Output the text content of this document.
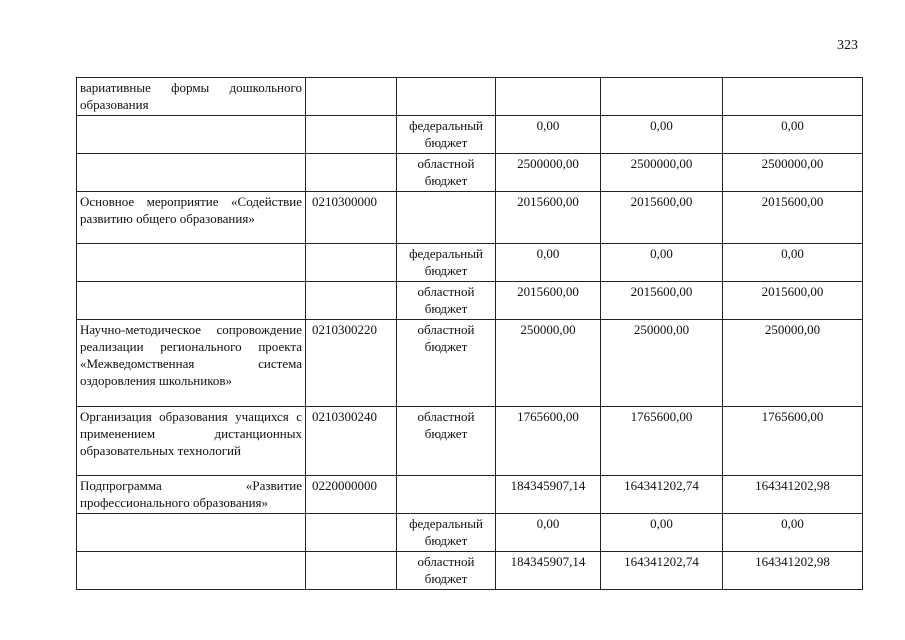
323
вариативные формы дошкольного образования					
		федеральный бюджет	0,00	0,00	0,00
		областной бюджет	2500000,00	2500000,00	2500000,00
Основное мероприятие «Содействие развитию общего образования»	0210300000		2015600,00	2015600,00	2015600,00
		федеральный бюджет	0,00	0,00	0,00
		областной бюджет	2015600,00	2015600,00	2015600,00
Научно-методическое сопровождение реализации регионального проекта «Межведомственная система оздоровления школьников»	0210300220	областной бюджет	250000,00	250000,00	250000,00
Организация образования учащихся с применением дистанционных образовательных технологий	0210300240	областной бюджет	1765600,00	1765600,00	1765600,00
Подпрограмма «Развитие профессионального образования»	0220000000		184345907,14	164341202,74	164341202,98
		федеральный бюджет	0,00	0,00	0,00
		областной бюджет	184345907,14	164341202,74	164341202,98
